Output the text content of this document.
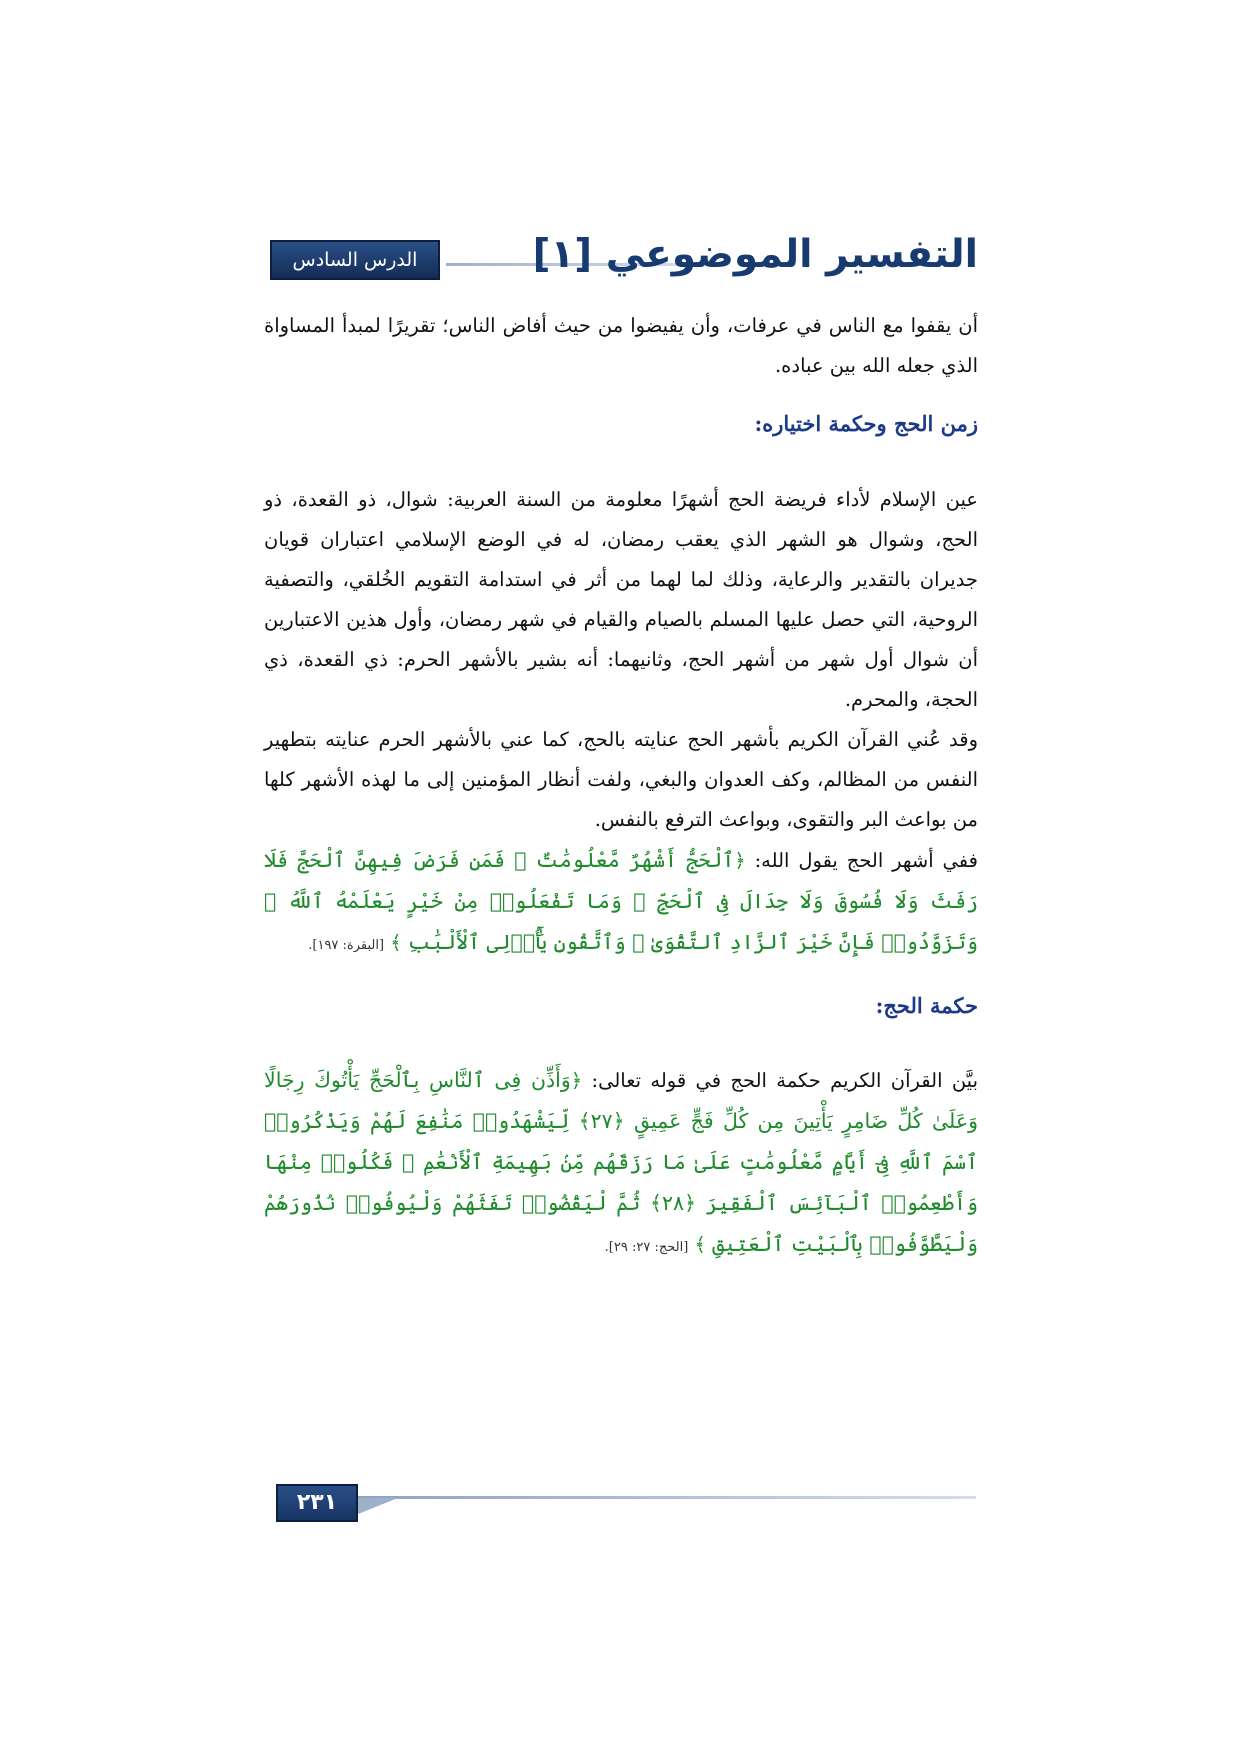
الدرس السادس عشر
التفسير الموضوعي [١]

أن يقفوا مع الناس في عرفات، وأن يفيضوا من حيث أفاض الناس؛ تقريرًا لمبدأ المساواة الذي جعله الله بين عباده.

زمن الحج وحكمة اختياره:

عين الإسلام لأداء فريضة الحج أشهرًا معلومة من السنة العربية: شوال، ذو القعدة، ذو الحج، وشوال هو الشهر الذي يعقب رمضان، له في الوضع الإسلامي اعتباران قويان جديران بالتقدير والرعاية، وذلك لما لهما من أثر في استدامة التقويم الخُلقي، والتصفية الروحية، التي حصل عليها المسلم بالصيام والقيام في شهر رمضان، وأول هذين الاعتبارين أن شوال أول شهر من أشهر الحج، وثانيهما: أنه بشير بالأشهر الحرم: ذي القعدة، ذي الحجة، والمحرم.

وقد عُني القرآن الكريم بأشهر الحج عنايته بالحج، كما عني بالأشهر الحرم عنايته بتطهير النفس من المظالم، وكف العدوان والبغي، ولفت أنظار المؤمنين إلى ما لهذه الأشهر كلها من بواعث البر والتقوى، وبواعث الترفع بالنفس.

ففي أشهر الحج يقول الله: ﴿ٱلْحَجُّ أَشْهُرٌ مَّعْلُومَٰتٌ ۚ فَمَن فَرَضَ فِيهِنَّ ٱلْحَجَّ فَلَا رَفَثَ وَلَا فُسُوقَ وَلَا جِدَالَ فِى ٱلْحَجِّ ۗ وَمَا تَفْعَلُوا۟ مِنْ خَيْرٍ يَعْلَمْهُ ٱللَّهُ ۗ وَتَزَوَّدُوا۟ فَإِنَّ خَيْرَ ٱلزَّادِ ٱلتَّقْوَىٰ ۚ وَٱتَّقُونِ يَٰٓأُو۟لِى ٱلْأَلْبَٰبِ ﴾ [البقرة: ١٩٧].

حكمة الحج:

بيَّن القرآن الكريم حكمة الحج في قوله تعالى: ﴿وَأَذِّن فِى ٱلنَّاسِ بِٱلْحَجِّ يَأْتُوكَ رِجَالًا وَعَلَىٰ كُلِّ ضَامِرٍ يَأْتِينَ مِن كُلِّ فَجٍّ عَمِيقٍ ﴿٢٧﴾ لِّيَشْهَدُوا۟ مَنَٰفِعَ لَهُمْ وَيَذْكُرُوا۟ ٱسْمَ ٱللَّهِ فِىٓ أَيَّامٍ مَّعْلُومَٰتٍ عَلَىٰ مَا رَزَقَهُم مِّنۢ بَهِيمَةِ ٱلْأَنْعَٰمِ ۖ فَكُلُوا۟ مِنْهَا وَأَطْعِمُوا۟ ٱلْبَآئِسَ ٱلْفَقِيرَ ﴿٢٨﴾ ثُمَّ لْيَقْضُوا۟ تَفَثَهُمْ وَلْيُوفُوا۟ نُذُورَهُمْ وَلْيَطَّوَّفُوا۟ بِٱلْبَيْتِ ٱلْعَتِيقِ ﴾ [الحج: ٢٧: ٢٩].

٢٣١
